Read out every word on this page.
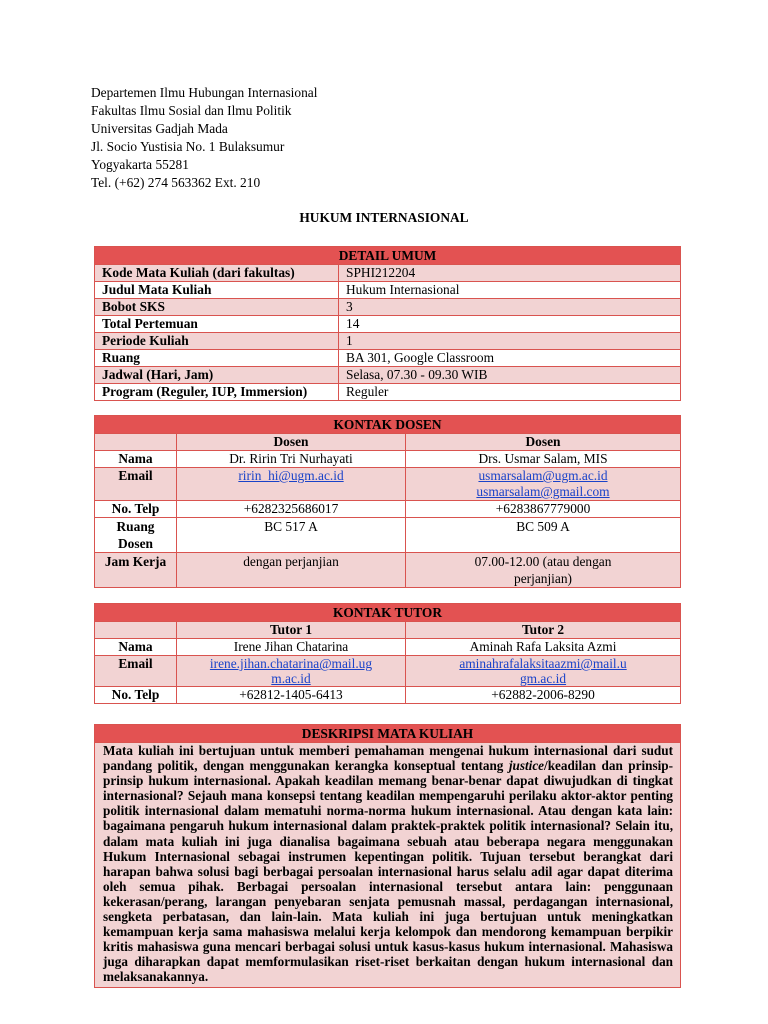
Departemen Ilmu Hubungan Internasional
Fakultas Ilmu Sosial dan Ilmu Politik
Universitas Gadjah Mada
Jl. Socio Yustisia No. 1 Bulaksumur
Yogyakarta 55281
Tel. (+62) 274 563362 Ext. 210
HUKUM INTERNASIONAL
DETAIL UMUM	
Kode Mata Kuliah (dari fakultas)	SPHI212204
Judul Mata Kuliah	Hukum Internasional
Bobot SKS	3
Total Pertemuan	14
Periode Kuliah	1
Ruang	BA 301, Google Classroom
Jadwal (Hari, Jam)	Selasa, 07.30 - 09.30 WIB
Program (Reguler, IUP, Immersion)	Reguler
KONTAK DOSEN		
	Dosen	Dosen
Nama	Dr. Ririn Tri Nurhayati	Drs. Usmar Salam, MIS
Email	ririn_hi@ugm.ac.id	usmarsalam@ugm.ac.id
usmarsalam@gmail.com
No. Telp	+6282325686017	+6283867779000
Ruang
Dosen	BC 517 A	BC 509 A
Jam Kerja	dengan perjanjian	07.00-12.00 (atau dengan
perjanjian)
KONTAK TUTOR		
	Tutor 1	Tutor 2
Nama	Irene Jihan Chatarina	Aminah Rafa Laksita Azmi
Email	irene.jihan.chatarina@mail.ug
m.ac.id	aminahrafalaksitaazmi@mail.u
gm.ac.id
No. Telp	+62812-1405-6413	+62882-2006-8290
DESKRIPSI MATA KULIAH
Mata kuliah ini bertujuan untuk memberi pemahaman mengenai hukum internasional dari sudut pandang politik, dengan menggunakan kerangka konseptual tentang justice/keadilan dan prinsip-prinsip hukum internasional. Apakah keadilan memang benar-benar dapat diwujudkan di tingkat internasional? Sejauh mana konsepsi tentang keadilan mempengaruhi perilaku aktor-aktor penting politik internasional dalam mematuhi norma-norma hukum internasional. Atau dengan kata lain: bagaimana pengaruh hukum internasional dalam praktek-praktek politik internasional? Selain itu, dalam mata kuliah ini juga dianalisa bagaimana sebuah atau beberapa negara menggunakan Hukum Internasional sebagai instrumen kepentingan politik. Tujuan tersebut berangkat dari harapan bahwa solusi bagi berbagai persoalan internasional harus selalu adil agar dapat diterima oleh semua pihak. Berbagai persoalan internasional tersebut antara lain: penggunaan kekerasan/perang, larangan penyebaran senjata pemusnah massal, perdagangan internasional, sengketa perbatasan, dan lain-lain. Mata kuliah ini juga bertujuan untuk meningkatkan kemampuan kerja sama mahasiswa melalui kerja kelompok dan mendorong kemampuan berpikir kritis mahasiswa guna mencari berbagai solusi untuk kasus-kasus hukum internasional. Mahasiswa juga diharapkan dapat memformulasikan riset-riset berkaitan dengan hukum internasional dan melaksanakannya.
